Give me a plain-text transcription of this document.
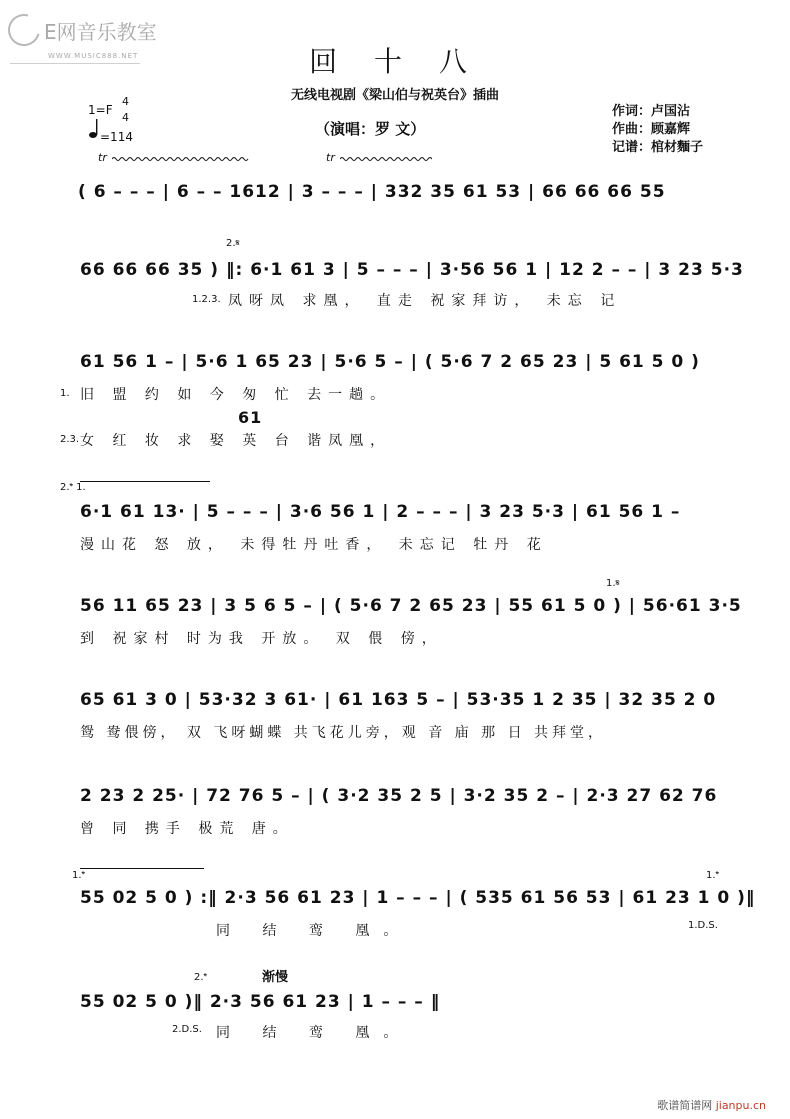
E网音乐教室
WWW.MUSIC888.NET	回 十 八
无线电视剧《梁山伯与祝英台》插曲
（演唱：罗 文）
作词：卢国沾
作曲：顾嘉辉
记谱：棺材麵子
1=F
4
4
=114
tr	tr
( 6 – – – | 6 – – 1612 | 3 – – – | 332 35 61 53 | 66 66 66 55
2.𝄋
66 66 66 35 ) ‖: 6·1 61 3 | 5 – – – | 3·56 56 1 | 12 2 – – | 3 23 5·3
1.2.3. 凤呀凤 求凰， 直走 祝家拜访， 未忘 记
61 56 1 – | 5·6 1 65 23 | 5·6 5 – | ( 5·6 7 2 65 23 | 5 61 5 0 )
1. 旧 盟 约 如 今 匆 忙 去一趟。
61
2.3. 女 红 妆 求 娶 英 台 谐凤凰，
2.𝄌 1.
6·1 61 13· | 5 – – – | 3·6 56 1 | 2 – – – | 3 23 5·3 | 61 56 1 –
漫山花 怒 放， 未得牡丹吐香， 未忘记 牡丹 花
1.𝄋
56 11 65 23 | 3 5 6 5 – | ( 5·6 7 2 65 23 | 55 61 5 0 ) | 56·61 3·5
到 祝家村 时为我 开放。 双 偎 傍，
65 61 3 0 | 53·32 3 61· | 61 163 5 – | 53·35 1 2 35 | 32 35 2 0
鸳 鸯偎傍， 双 飞呀蝴蝶 共飞花儿旁，观 音 庙 那 日 共拜堂，
2 23 2 25· | 72 76 5 – | ( 3·2 35 2 5 | 3·2 35 2 – | 2·3 27 62 76
曾 同 携手 极荒 唐。
1.𝄌	1.𝄌
55 02 5 0 ) :‖ 2·3 56 61 23 | 1 – – – | ( 535 61 56 53 | 61 23 1 0 )‖
同 结 鸾 凰。	1.D.S.
2.𝄌	渐慢
55 02 5 0 )‖ 2·3 56 61 23 | 1 – – – ‖
2.D.S. 同 结 鸾 凰。
歌谱简谱网 jianpu.cn
